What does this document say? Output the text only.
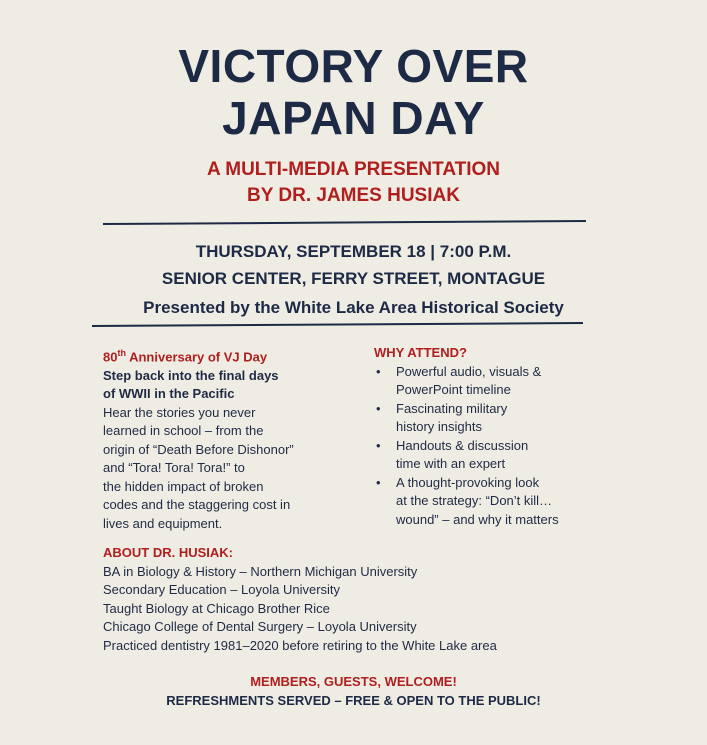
VICTORY OVER
JAPAN DAY
A MULTI-MEDIA PRESENTATION
BY DR. JAMES HUSIAK
THURSDAY, SEPTEMBER 18 | 7:00 P.M.
SENIOR CENTER, FERRY STREET, MONTAGUE
Presented by the White Lake Area Historical Society

80th Anniversary of VJ Day

Step back into the final days

of WWII in the Pacific

Hear the stories you never

learned in school – from the

origin of “Death Before Dishonor”

and “Tora! Tora! Tora!” to

the hidden impact of broken

codes and the staggering cost in

lives and equipment.

WHY ATTEND?

• Powerful audio, visuals &
PowerPoint timeline
• Fascinating military
history insights
• Handouts & discussion
time with an expert
• A thought-provoking look
at the strategy: “Don’t kill…
wound” – and why it matters

ABOUT DR. HUSIAK:

BA in Biology & History – Northern Michigan University

Secondary Education – Loyola University

Taught Biology at Chicago Brother Rice

Chicago College of Dental Surgery – Loyola University

Practiced dentistry 1981–2020 before retiring to the White Lake area

MEMBERS, GUESTS, WELCOME!
REFRESHMENTS SERVED – FREE & OPEN TO THE PUBLIC!
